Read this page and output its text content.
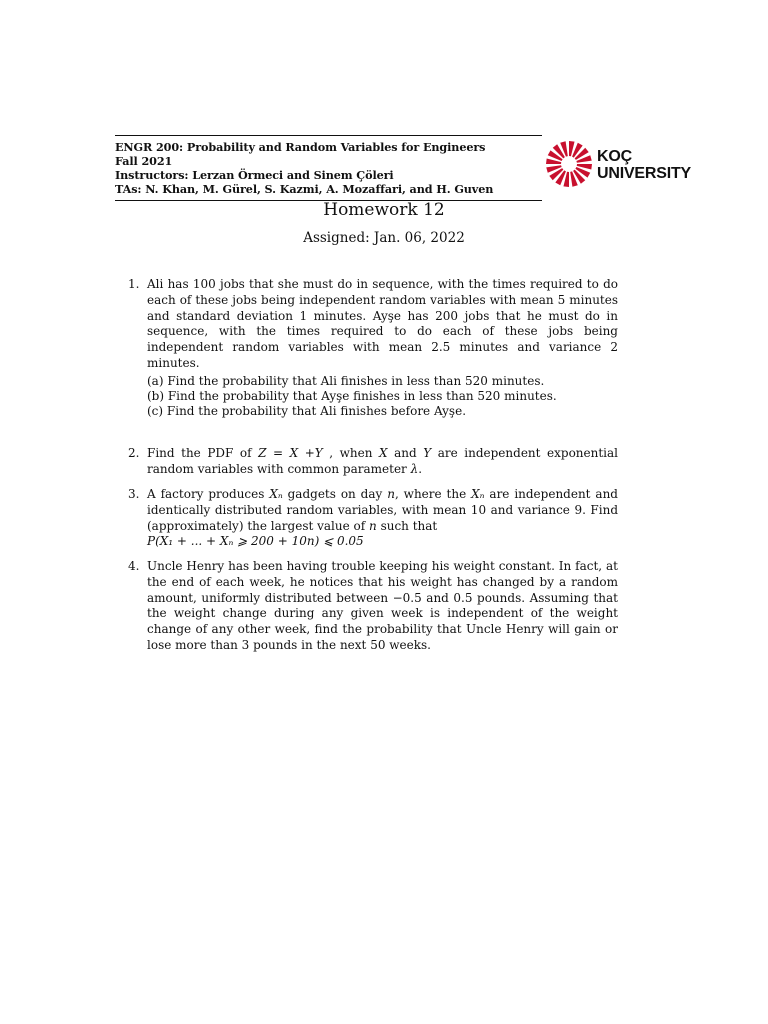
ENGR 200: Probability and Random Variables for Engineers
Fall 2021
Instructors: Lerzan Örmeci and Sinem Çöleri
TAs: N. Khan, M. Gürel, S. Kazmi, A. Mozaffari, and H. Guven
KOÇ
UNIVERSITY
Homework 12
Assigned: Jan. 06, 2022
1. Ali has 100 jobs that she must do in sequence, with the times required to do each of these jobs being independent random variables with mean 5 minutes and standard deviation 1 minutes. Ayşe has 200 jobs that he must do in sequence, with the times required to do each of these jobs being independent random variables with mean 2.5 minutes and variance 2 minutes.
(a) Find the probability that Ali finishes in less than 520 minutes.
(b) Find the probability that Ayşe finishes in less than 520 minutes.
(c) Find the probability that Ali finishes before Ayşe.
2. Find the PDF of Z = X +Y , when X and Y are independent exponential random variables with common parameter λ.
3. A factory produces Xₙ gadgets on day n, where the Xₙ are independent and identically distributed random variables, with mean 10 and variance 9. Find (approximately) the largest value of n such that
P(X₁ + ... + Xₙ ⩾ 200 + 10n) ⩽ 0.05
4. Uncle Henry has been having trouble keeping his weight constant. In fact, at the end of each week, he notices that his weight has changed by a random amount, uniformly distributed between −0.5 and 0.5 pounds. Assuming that the weight change during any given week is independent of the weight change of any other week, find the probability that Uncle Henry will gain or lose more than 3 pounds in the next 50 weeks.
